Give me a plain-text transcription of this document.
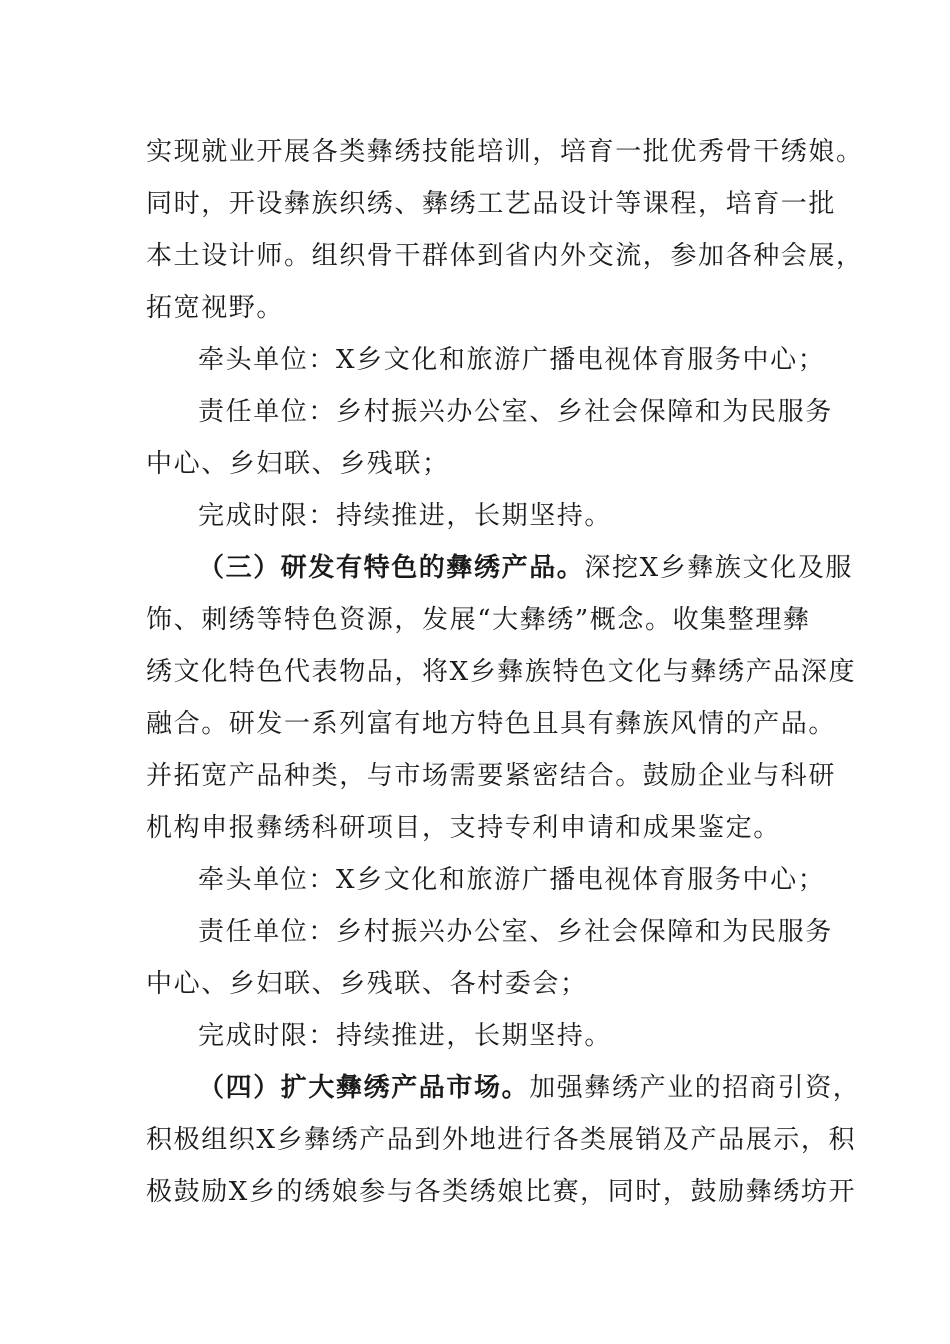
实现就业开展各类彝绣技能培训，培育一批优秀骨干绣娘。
同时，开设彝族织绣、彝绣工艺品设计等课程，培育一批
本土设计师。组织骨干群体到省内外交流，参加各种会展，
拓宽视野。
牵头单位：X乡文化和旅游广播电视体育服务中心；
责任单位：乡村振兴办公室、乡社会保障和为民服务
中心、乡妇联、乡残联；
完成时限：持续推进，长期坚持。
（三）研发有特色的彝绣产品。深挖X乡彝族文化及服
饰、刺绣等特色资源，发展“大彝绣”概念。收集整理彝
绣文化特色代表物品，将X乡彝族特色文化与彝绣产品深度
融合。研发一系列富有地方特色且具有彝族风情的产品。
并拓宽产品种类，与市场需要紧密结合。鼓励企业与科研
机构申报彝绣科研项目，支持专利申请和成果鉴定。
牵头单位：X乡文化和旅游广播电视体育服务中心；
责任单位：乡村振兴办公室、乡社会保障和为民服务
中心、乡妇联、乡残联、各村委会；
完成时限：持续推进，长期坚持。
（四）扩大彝绣产品市场。加强彝绣产业的招商引资，
积极组织X乡彝绣产品到外地进行各类展销及产品展示，积
极鼓励X乡的绣娘参与各类绣娘比赛，同时，鼓励彝绣坊开
